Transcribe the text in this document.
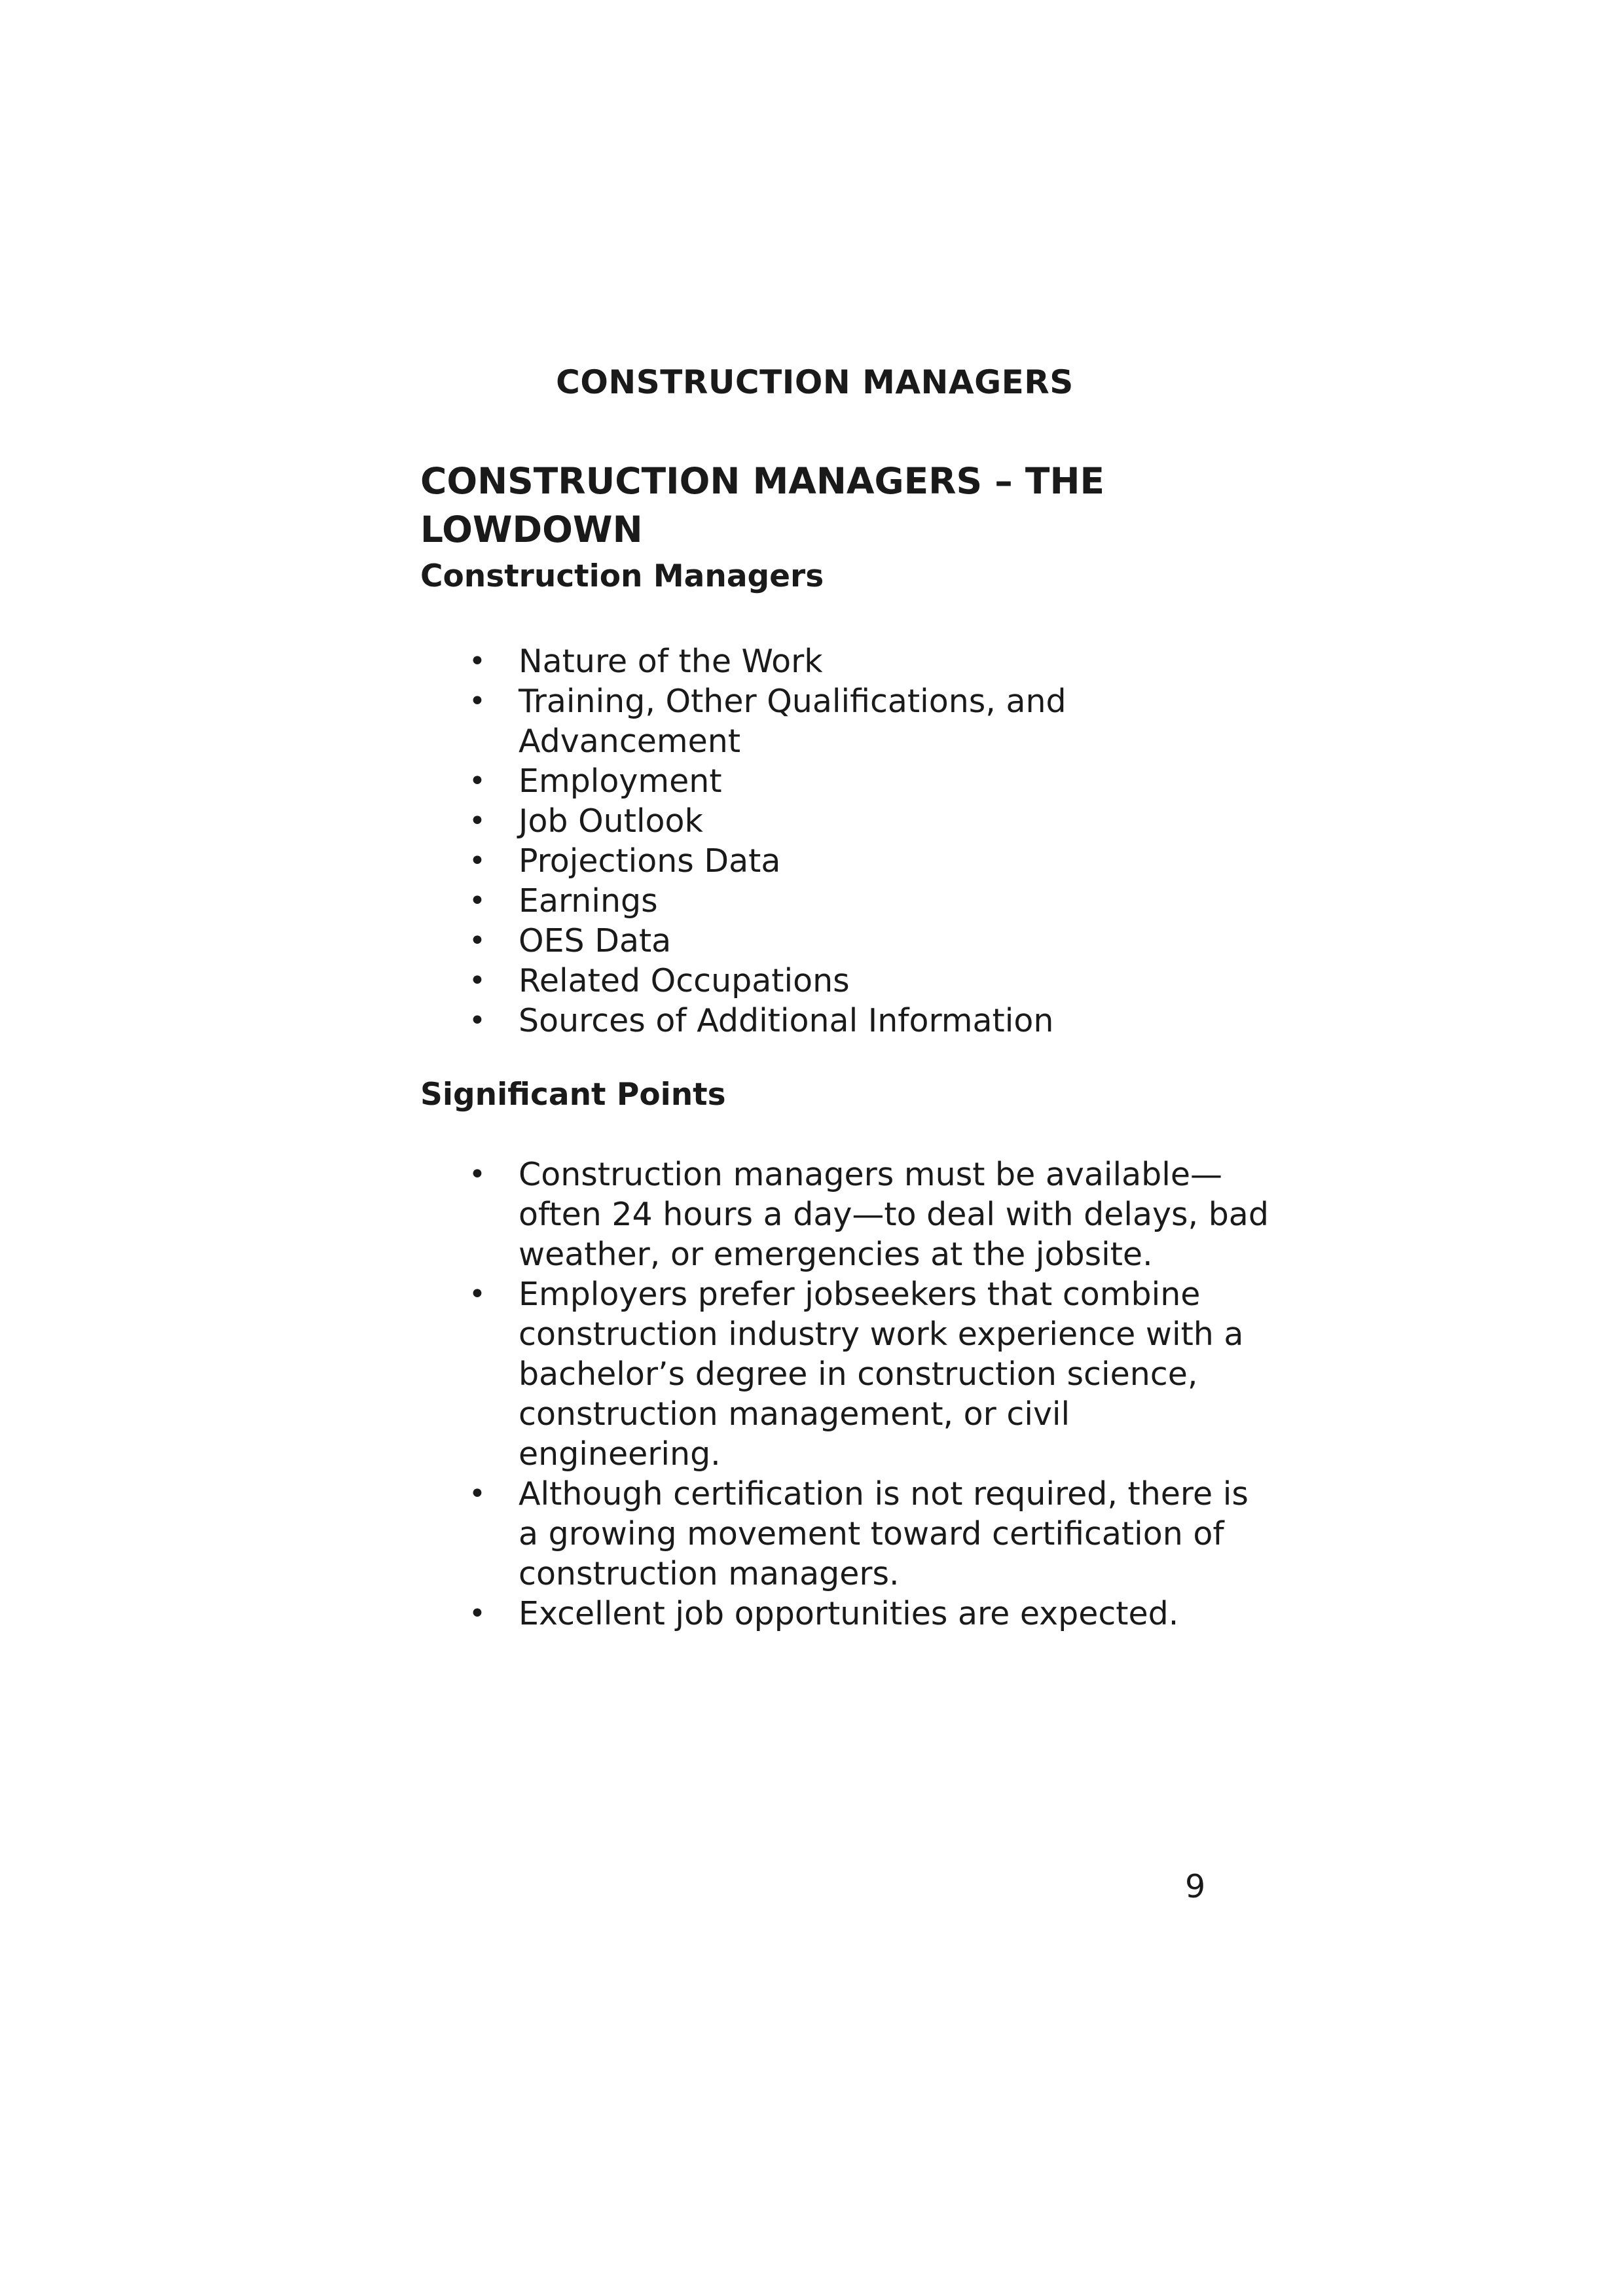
CONSTRUCTION MANAGERS
CONSTRUCTION MANAGERS – THE LOWDOWN
Construction Managers
• Nature of the Work
• Training, Other Qualifications, and Advancement
• Employment
• Job Outlook
• Projections Data
• Earnings
• OES Data
• Related Occupations
• Sources of Additional Information
Significant Points
• Construction managers must be available—often 24 hours a day—to deal with delays, bad weather, or emergencies at the jobsite.
• Employers prefer jobseekers that combine construction industry work experience with a bachelor’s degree in construction science, construction management, or civil engineering.
• Although certification is not required, there is a growing movement toward certification of construction managers.
• Excellent job opportunities are expected.
9
